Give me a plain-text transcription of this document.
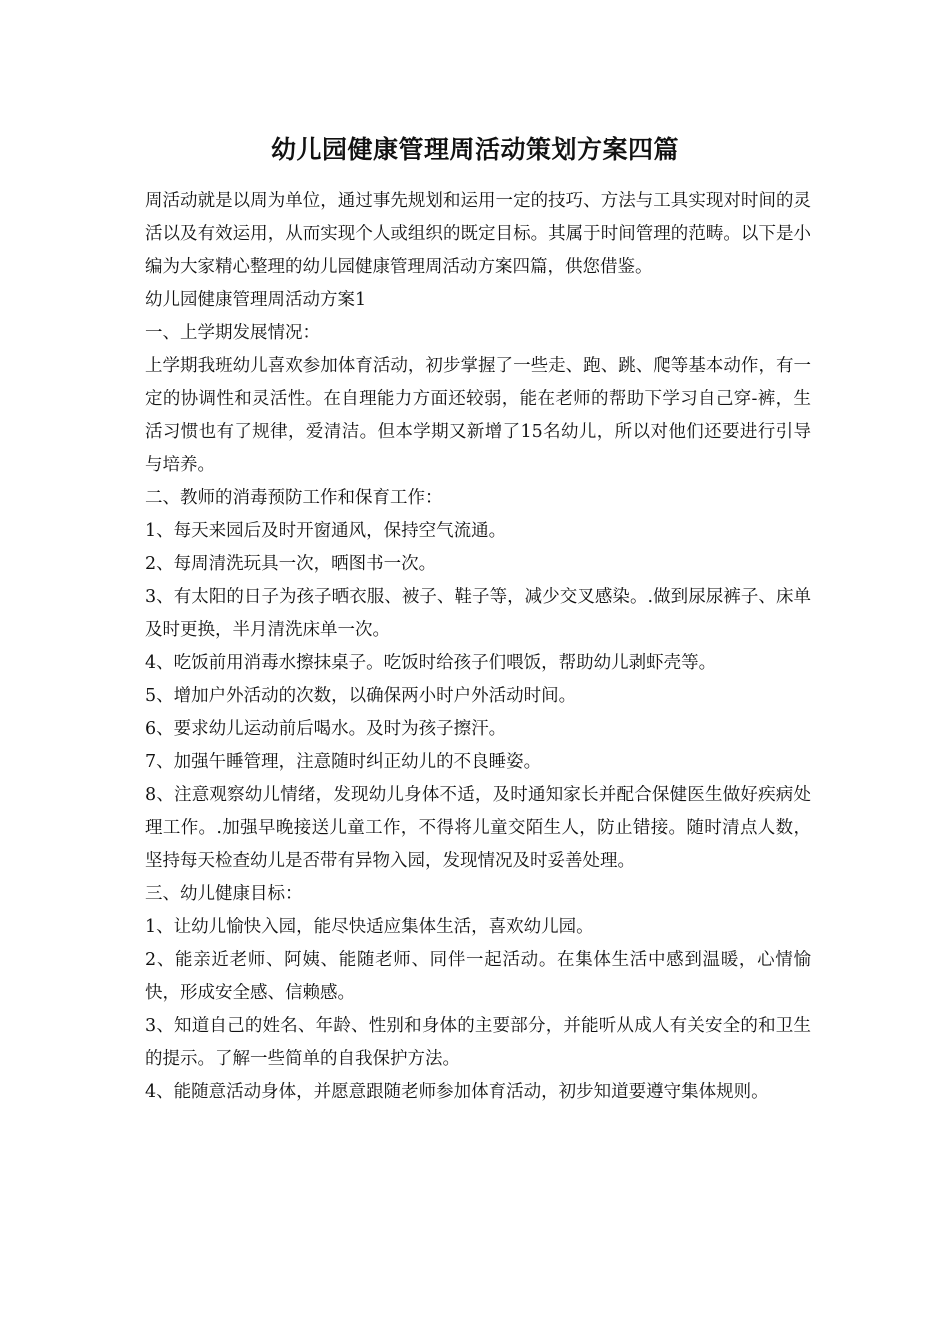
幼儿园健康管理周活动策划方案四篇

周活动就是以周为单位，通过事先规划和运用一定的技巧、方法与工具实现对时间的灵活以及有效运用，从而实现个人或组织的既定目标。其属于时间管理的范畴。以下是小编为大家精心整理的幼儿园健康管理周活动方案四篇，供您借鉴。

幼儿园健康管理周活动方案1

一、上学期发展情况：

上学期我班幼儿喜欢参加体育活动，初步掌握了一些走、跑、跳、爬等基本动作，有一定的协调性和灵活性。在自理能力方面还较弱，能在老师的帮助下学习自己穿-裤，生活习惯也有了规律，爱清洁。但本学期又新增了15名幼儿，所以对他们还要进行引导与培养。

二、教师的消毒预防工作和保育工作：

1、每天来园后及时开窗通风，保持空气流通。

2、每周清洗玩具一次，晒图书一次。

3、有太阳的日子为孩子晒衣服、被子、鞋子等，减少交叉感染。.做到尿尿裤子、床单及时更换，半月清洗床单一次。

4、吃饭前用消毒水擦抹桌子。吃饭时给孩子们喂饭，帮助幼儿剥虾壳等。

5、增加户外活动的次数，以确保两小时户外活动时间。

6、要求幼儿运动前后喝水。及时为孩子擦汗。

7、加强午睡管理，注意随时纠正幼儿的不良睡姿。

8、注意观察幼儿情绪，发现幼儿身体不适，及时通知家长并配合保健医生做好疾病处理工作。.加强早晚接送儿童工作，不得将儿童交陌生人，防止错接。随时清点人数，坚持每天检查幼儿是否带有异物入园，发现情况及时妥善处理。

三、幼儿健康目标：

1、让幼儿愉快入园，能尽快适应集体生活，喜欢幼儿园。

2、能亲近老师、阿姨、能随老师、同伴一起活动。在集体生活中感到温暖，心情愉快，形成安全感、信赖感。

3、知道自己的姓名、年龄、性别和身体的主要部分，并能听从成人有关安全的和卫生的提示。了解一些简单的自我保护方法。

4、能随意活动身体，并愿意跟随老师参加体育活动，初步知道要遵守集体规则。
